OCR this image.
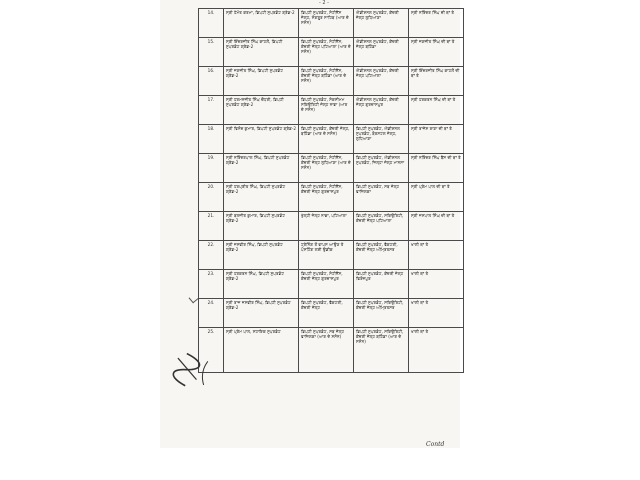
- 2 -
14.	ਸ੍ਰੀ ਹੇਮੰਤ ਕਰਮਾ, ਡਿਪਟੀ ਸੁਪਰਡੰਟ ਗ੍ਰੇਡ-2	ਡਿਪਟੀ ਸੁਪਰਡੰਟ, ਮੈਟੀਨੈਂਸ ਜੇਲ੍ਹ, ਸੰਗਰੂਰ ਸਾਹਿਬ (ਆਰ ਦੇ ਸਸੋਨ)	ਐਡੀਸ਼ਨਲ ਸੁਪਰਡੰਟ, ਕੇਂਦਰੀ ਜੇਲ੍ਹ ਲੁਧਿਆਣਾ	ਸ੍ਰੀ ਨਰਿੰਦਰ ਸਿੰਘ ਦੀ ਥਾਂ ਤੇ
15.	ਸ੍ਰੀ ਇੰਦਰਜੀਤ ਸਿੰਘ ਕਾਹਲੋਂ, ਡਿਪਟੀ ਸੁਪਰਡੰਟ ਗ੍ਰੇਡ-2	ਡਿਪਟੀ ਸੁਪਰਡੰਟ, ਮੈਟੀਨੈਂਸ, ਕੇਂਦਰੀ ਜੇਲ੍ਹ ਪਟਿਆਲਾ (ਆਰ ਦੇ ਸਸੋਨ)	ਐਡੀਸ਼ਨਲ ਸੁਪਰਡੰਟ, ਕੇਂਦਰੀ ਜੇਲ੍ਹ ਬਠਿੰਡਾ	ਸ੍ਰੀ ਜਗਜੀਤ ਸਿੰਘ ਦੀ ਥਾਂ ਤੇ
16.	ਸ੍ਰੀ ਜਗਜੀਤ ਸਿੰਘ, ਡਿਪਟੀ ਸੁਪਰਡੰਟ ਗ੍ਰੇਡ-2	ਡਿਪਟੀ ਸੁਪਰਡੰਟ, ਮੈਟੀਨੈਂਸ, ਕੇਂਦਰੀ ਜੇਲ੍ਹ ਬਠਿੰਡਾ (ਆਰ ਦੇ ਸਸੋਨ)	ਐਡੀਸ਼ਨਲ ਸੁਪਰਡੰਟ, ਕੇਂਦਰੀ ਜੇਲ੍ਹ ਪਟਿਆਲਾ	ਸ੍ਰੀ ਇੰਦਰਜੀਤ ਸਿੰਘ ਕਾਹਲੋਂ ਦੀ ਥਾਂ ਤੇ
17.	ਸ੍ਰੀ ਹਰਮਨਜੀਤ ਸਿੰਘ ਚੌਧਰੀ, ਡਿਪਟੀ ਸੁਪਰਡੰਟ ਗ੍ਰੇਡ-2	ਡਿਪਟੀ ਸੁਪਰਡੰਟ, ਮੈਕਸੀਮਮ ਸਕਿਉਰਿਟੀ ਜੇਲ੍ਹ ਨਾਭਾ (ਆਰ ਦੇ ਸਸੋਨ)	ਐਡੀਸ਼ਨਲ ਸੁਪਰਡੰਟ, ਕੇਂਦਰੀ ਜੇਲ੍ਹ ਗੁਰਦਾਸਪੁਰ	ਸ੍ਰੀ ਹਰਕਰਨ ਸਿੰਘ ਦੀ ਥਾਂ ਤੇ
18.	ਸ੍ਰੀ ਵਿਨੋਦ ਕੁਮਾਰ, ਡਿਪਟੀ ਸੁਪਰਡੰਟ ਗ੍ਰੇਡ-2	ਡਿਪਟੀ ਸੁਪਰਡੰਟ, ਕੇਂਦਰੀ ਜੇਲ੍ਹ, ਬਠਿੰਡਾ (ਆਰ ਦੇ ਸਸੋਨ)	ਡਿਪਟੀ ਸੁਪਰਡੰਟ, ਐਡੀਸ਼ਨਲ ਸੁਪਰਡੰਟ, ਬੋਰਸਟਲ ਜੇਲ੍ਹ, ਲੁਧਿਆਣਾ	ਸ੍ਰੀ ਰਾਜੇਸ਼ ਰਾਣਾ ਦੀ ਥਾਂ ਤੇ
19.	ਸ੍ਰੀ ਨਰਿੰਦਰਪਾਲ ਸਿੰਘ, ਡਿਪਟੀ ਸੁਪਰਡੰਟ ਗ੍ਰੇਡ-2	ਡਿਪਟੀ ਸੁਪਰਡੰਟ, ਮੈਟੀਨੈਂਸ, ਕੇਂਦਰੀ ਜੇਲ੍ਹ ਲੁਧਿਆਣਾ (ਆਰ ਦੇ ਸਸੋਨ)	ਡਿਪਟੀ ਸੁਪਰਡੰਟ, ਐਡੀਸ਼ਨਲ ਸੁਪਰਡੰਟ, ਜਿਲ੍ਹਾ ਜੇਲ੍ਹ ਮਾਨਸਾ	ਸ੍ਰੀ ਨਰਿੰਦਰ ਸਿੰਘ ਬੈਂਸ ਦੀ ਥਾਂ ਤੇ
20.	ਸ੍ਰੀ ਹਰਪ੍ਰੀਤ ਸਿੰਘ, ਡਿਪਟੀ ਸੁਪਰਡੰਟ ਗ੍ਰੇਡ-2	ਡਿਪਟੀ ਸੁਪਰਡੰਟ, ਮੈਟੀਨੈਂਸ, ਕੇਂਦਰੀ ਜੇਲ੍ਹ ਗੁਰਦਾਸਪੁਰ	ਡਿਪਟੀ ਸੁਪਰਡੰਟ, ਸਬ ਜੇਲ੍ਹ ਫਾਜ਼ਿਲਕਾ	ਸ੍ਰੀ ਪ੍ਰੇਮ ਪਾਲ ਦੀ ਥਾਂ ਤੇ
21.	ਸ੍ਰੀ ਬਲਜੀਤ ਕੁਮਾਰ, ਡਿਪਟੀ ਸੁਪਰਡੰਟ ਗ੍ਰੇਡ-2	ਖੁੱਲ੍ਹੀ ਜੇਲ੍ਹ ਨਾਭਾ, ਪਟਿਆਲਾ	ਡਿਪਟੀ ਸੁਪਰਡੰਟ, ਸਕਿਉਰਿਟੀ, ਕੇਂਦਰੀ ਜੇਲ੍ਹ ਪਟਿਆਲਾ	ਸ੍ਰੀ ਜਸਪਾਲ ਸਿੰਘ ਦੀ ਥਾਂ ਤੇ
22.	ਸ੍ਰੀ ਜਸਵੀਰ ਸਿੰਘ, ਡਿਪਟੀ ਸੁਪਰਡੰਟ ਗ੍ਰੇਡ-2	ਟ੍ਰੇਨਿੰਗ ਤੋਂ ਵਾਪਸ ਆਉਣ ਤੇ ਪੋਸਟਿੰਗ ਲਈ ਉਡੀਕ	ਡਿਪਟੀ ਸੁਪਰਡੰਟ, ਫੈਕਟਰੀ, ਕੇਂਦਰੀ ਜੇਲ੍ਹ ਅੰਮ੍ਰਿਤਸਰ	ਖਾਲੀ ਥਾਂ ਤੇ
23.	ਸ੍ਰੀ ਹਰਕਰਨ ਸਿੰਘ, ਡਿਪਟੀ ਸੁਪਰਡੰਟ ਗ੍ਰੇਡ-2	ਡਿਪਟੀ ਸੁਪਰਡੰਟ, ਮੈਟੀਨੈਂਸ, ਕੇਂਦਰੀ ਜੇਲ੍ਹ ਗੁਰਦਾਸਪੁਰ	ਡਿਪਟੀ ਸੁਪਰਡੰਟ, ਕੇਂਦਰੀ ਜੇਲ੍ਹ ਫਿਰੋਜ਼ਪੁਰ	ਖਾਲੀ ਥਾਂ ਤੇ
24.	ਸ੍ਰੀ ਰਾਜ ਜਸਵੀਰ ਸਿੰਘ, ਡਿਪਟੀ ਸੁਪਰਡੰਟ ਗ੍ਰੇਡ-2	ਡਿਪਟੀ ਸੁਪਰਡੰਟ, ਫੈਕਟਰੀ, ਕੇਂਦਰੀ ਜੇਲ੍ਹ	ਡਿਪਟੀ ਸੁਪਰਡੰਟ, ਸਕਿਉਰਿਟੀ, ਕੇਂਦਰੀ ਜੇਲ੍ਹ ਅੰਮ੍ਰਿਤਸਰ	ਖਾਲੀ ਥਾਂ ਤੇ
25.	ਸ੍ਰੀ ਪ੍ਰੇਮ ਪਾਲ, ਸਹਾਇਕ ਸੁਪਰਡੰਟ	ਡਿਪਟੀ ਸੁਪਰਡੰਟ, ਸਬ ਜੇਲ੍ਹ ਫਾਜ਼ਿਲਕਾ (ਆਰ ਦੇ ਸਸੋਨ)	ਡਿਪਟੀ ਸੁਪਰਡੰਟ, ਸਕਿਉਰਿਟੀ, ਕੇਂਦਰੀ ਜੇਲ੍ਹ ਬਠਿੰਡਾ (ਆਰ ਦੇ ਸਸੋਨ)	ਖਾਲੀ ਥਾਂ ਤੇ
Contd
